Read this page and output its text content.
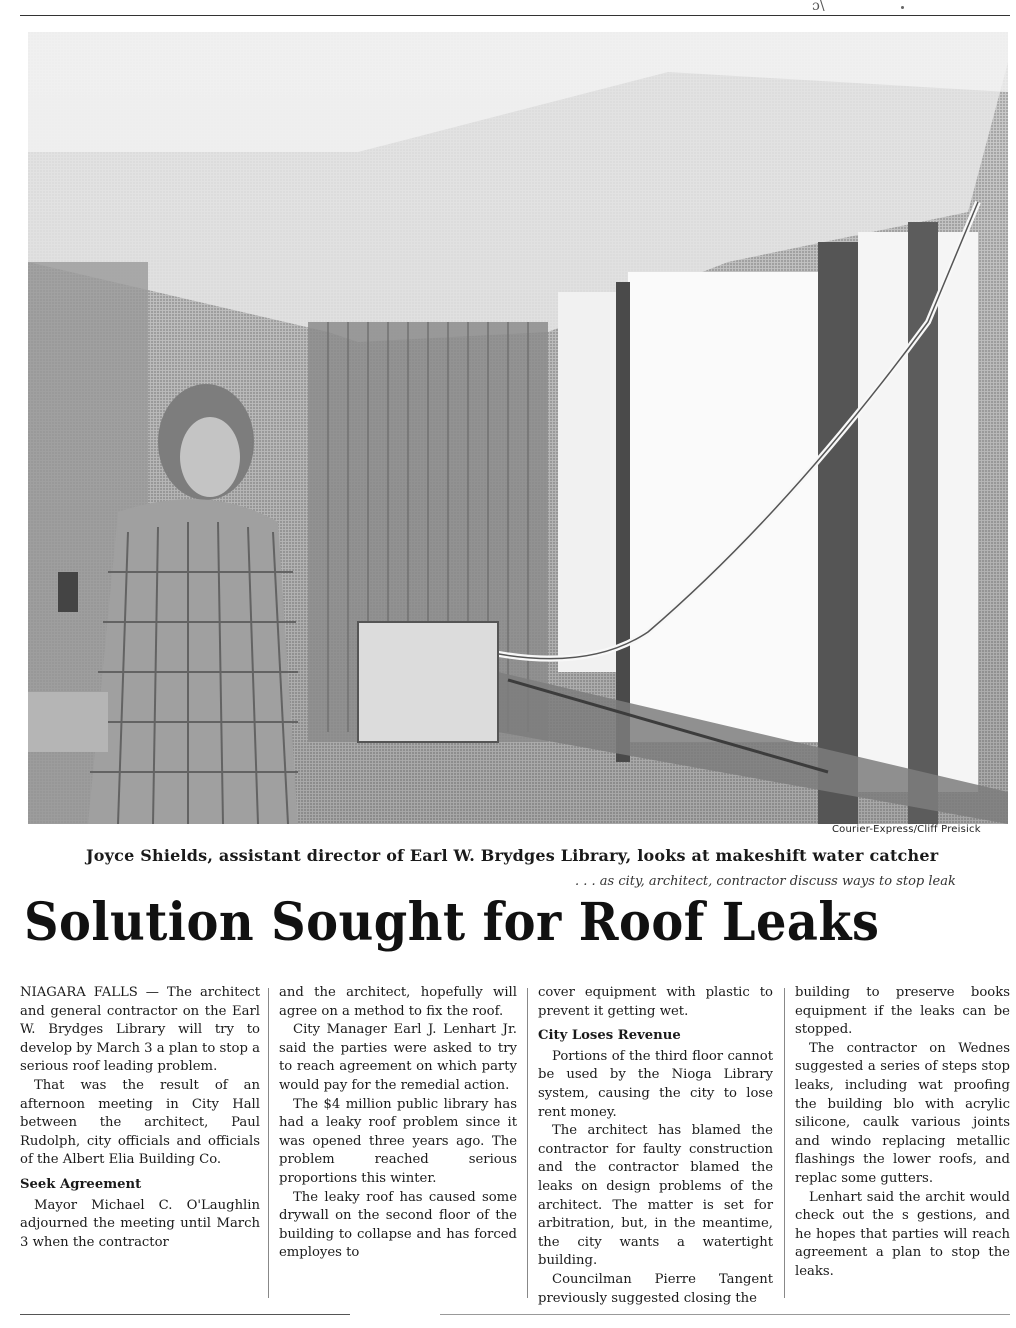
ɔ\
Courier-Express/Cliff Preisick
Joyce Shields, assistant director of Earl W. Brydges Library, looks at makeshift water catcher
. . . as city, architect, contractor discuss ways to stop leak
Solution Sought for Roof Leaks

NIAGARA FALLS — The architect and general contractor on the Earl W. Brydges Library will try to develop by March 3 a plan to stop a serious roof leading problem.

That was the result of an afternoon meeting in City Hall between the architect, Paul Rudolph, city officials and officials of the Albert Elia Building Co.

Seek Agreement

Mayor Michael C. O'Laughlin adjourned the meeting until March 3 when the contractor

and the architect, hopefully will agree on a method to fix the roof.

City Manager Earl J. Lenhart Jr. said the parties were asked to try to reach agreement on which party would pay for the remedial action.

The $4 million public library has had a leaky roof problem since it was opened three years ago. The problem reached serious proportions this winter.

The leaky roof has caused some drywall on the second floor of the building to collapse and has forced employes to

cover equipment with plastic to prevent it getting wet.

City Loses Revenue

Portions of the third floor cannot be used by the Nioga Library system, causing the city to lose rent money.

The architect has blamed the contractor for faulty construction and the contractor blamed the leaks on design problems of the architect. The matter is set for arbitration, but, in the meantime, the city wants a watertight building.

Councilman Pierre Tangent previously suggested closing the

building to preserve books equipment if the leaks can be stopped.

The contractor on Wednes suggested a series of steps stop leaks, including wat proofing the building blo with acrylic silicone, caulk various joints and windo replacing metallic flashings the lower roofs, and replac some gutters.

Lenhart said the archit would check out the s gestions, and he hopes that parties will reach agreement a plan to stop the leaks.
